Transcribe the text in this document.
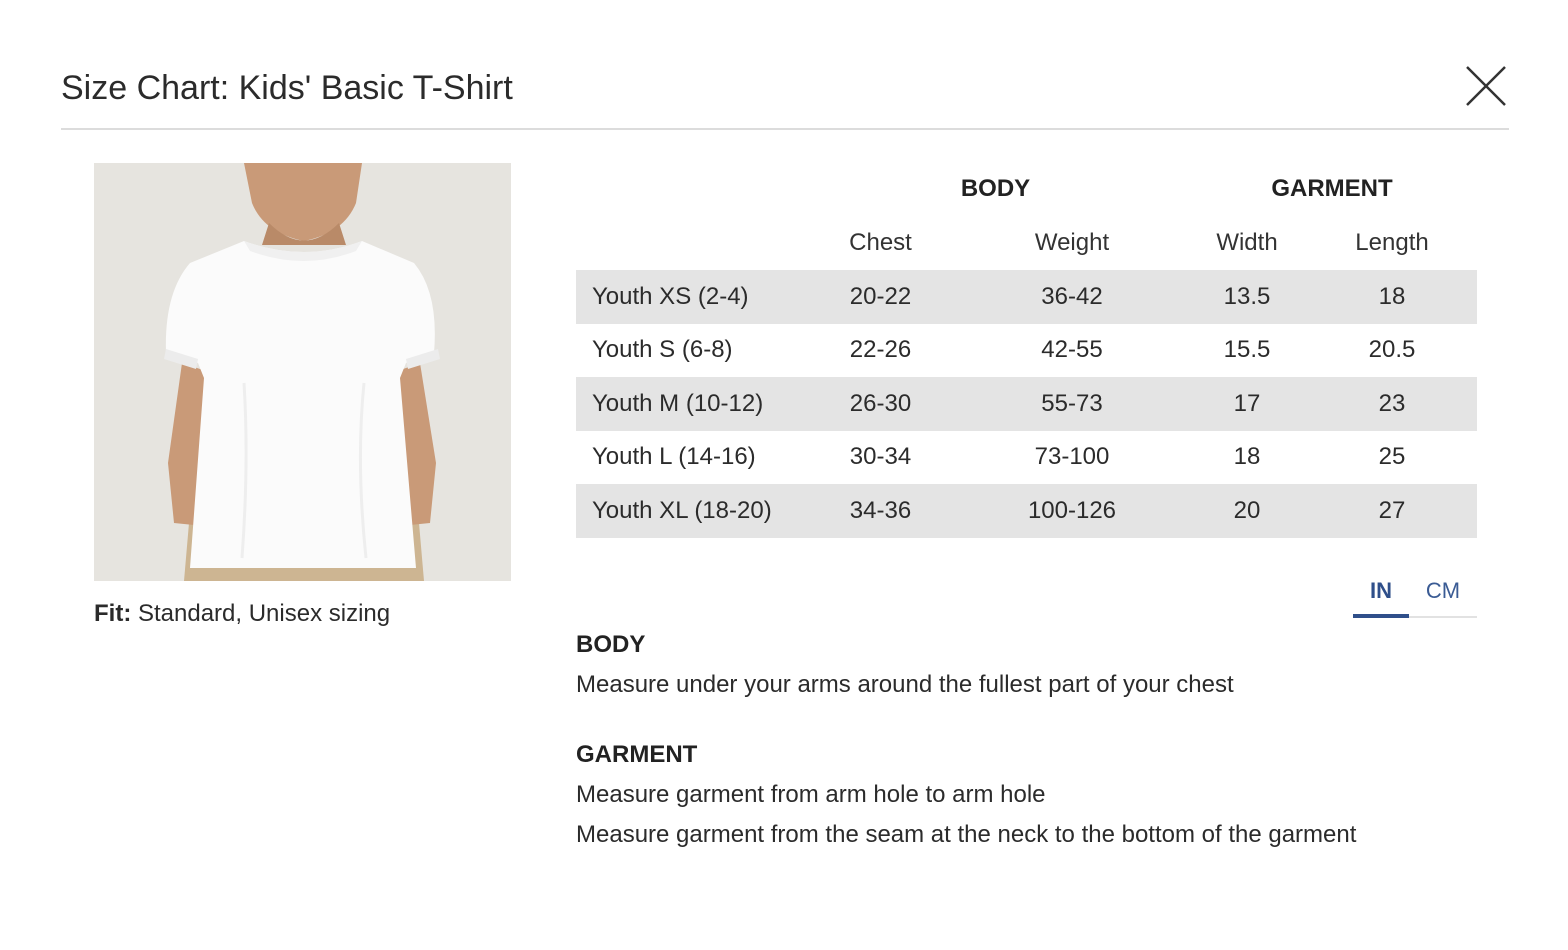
Size Chart: Kids' Basic T-Shirt
Fit: Standard, Unisex sizing
	BODY		GARMENT	
	Chest	Weight	Width	Length
Youth XS (2-4)	20-22	36-42	13.5	18
Youth S (6-8)	22-26	42-55	15.5	20.5
Youth M (10-12)	26-30	55-73	17	23
Youth L (14-16)	30-34	73-100	18	25
Youth XL (18-20)	34-36	100-126	20	27
IN	CM
BODY
Measure under your arms around the fullest part of your chest
GARMENT
Measure garment from arm hole to arm hole
Measure garment from the seam at the neck to the bottom of the garment
